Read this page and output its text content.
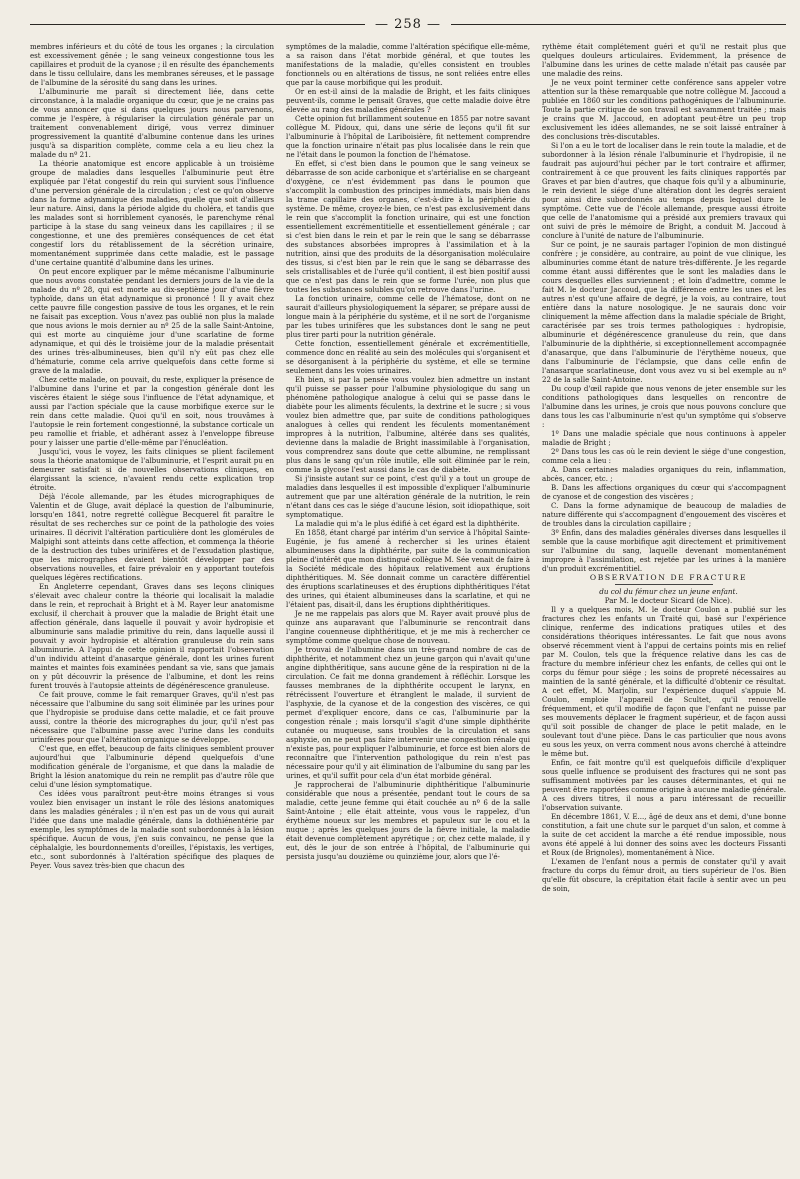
— 258 —

membres inférieurs et du côté de tous les organes ; la circulation est excessivement gênée ; le sang veineux congestionne tous les capillaires et produit de la cyanose ; il en résulte des épanchements dans le tissu cellulaire, dans les membranes séreuses, et le passage de l'albumine de la sérosité du sang dans les urines.

L'albuminurie me paraît si directement liée, dans cette circonstance, à la maladie organique du cœur, que je ne crains pas de vous annoncer que si dans quelques jours nous parvenons, comme je l'espère, à régulariser la circulation générale par un traitement convenablement dirigé, vous verrez diminuer progressivement la quantité d'albumine contenue dans les urines jusqu'à sa disparition complète, comme cela a eu lieu chez la malade du nº 21.

La théorie anatomique est encore applicable à un troisième groupe de maladies dans lesquelles l'albuminurie peut être expliquée par l'état congestif du rein qui survient sous l'influence d'une perversion générale de la circulation ; c'est ce qu'on observe dans la forme adynamique des maladies, quelle que soit d'ailleurs leur nature. Ainsi, dans la période algide du choléra, et tandis que les malades sont si horriblement cyanosés, le parenchyme rénal participe à la stase du sang veineux dans les capillaires ; il se congestionne, et une des premières conséquences de cet état congestif lors du rétablissement de la sécrétion urinaire, momentanément supprimée dans cette maladie, est le passage d'une certaine quantité d'albumine dans les urines.

On peut encore expliquer par le même mécanisme l'albuminurie que nous avons constatée pendant les derniers jours de la vie de la malade du nº 28, qui est morte au dix-septième jour d'une fièvre typhoïde, dans un état adynamique si prononcé ! Il y avait chez cette pauvre fille congestion passive de tous les organes, et le rein ne faisait pas exception. Vous n'avez pas oublié non plus la malade que nous avions le mois dernier au nº 25 de la salle Saint-Antoine, qui est morte au cinquième jour d'une scarlatine de forme adynamique, et qui dès le troisième jour de la maladie présentait des urines très-albumineuses, bien qu'il n'y eût pas chez elle d'hématurie, comme cela arrive quelquefois dans cette forme si grave de la maladie.

Chez cette malade, on pouvait, du reste, expliquer la présence de l'albumine dans l'urine et par la congestion générale dont les viscères étaient le siége sous l'influence de l'état adynamique, et aussi par l'action spéciale que la cause morbifique exerce sur le rein dans cette maladie. Quoi qu'il en soit, nous trouvâmes à l'autopsie le rein fortement congestionné, la substance corticale un peu ramollie et friable, et adhérant assez à l'enveloppe fibreuse pour y laisser une partie d'elle-même par l'énucléation.

Jusqu'ici, vous le voyez, les faits cliniques se plient facilement sous la théorie anatomique de l'albuminurie, et l'esprit aurait pu en demeurer satisfait si de nouvelles observations cliniques, en élargissant la science, n'avaient rendu cette explication trop étroite.

Déjà l'école allemande, par les études micrographiques de Valentin et de Gluge, avait déplacé la question de l'albuminurie, lorsqu'en 1841, notre regretté collègue Becquerel fit paraître le résultat de ses recherches sur ce point de la pathologie des voies urinaires. Il décrivit l'altération particulière dont les glomérules de Malpighi sont atteints dans cette affection, et commença la théorie de la destruction des tubes urinifères et de l'exsudation plastique, que les micrographes devaient bientôt développer par des observations nouvelles, et faire prévaloir en y apportant toutefois quelques légères rectifications.

En Angleterre cependant, Graves dans ses leçons cliniques s'élevait avec chaleur contre la théorie qui localisait la maladie dans le rein, et reprochait à Bright et à M. Rayer leur anatomisme exclusif, il cherchait à prouver que la maladie de Bright était une affection générale, dans laquelle il pouvait y avoir hydropisie et albuminurie sans maladie primitive du rein, dans laquelle aussi il pouvait y avoir hydropisie et altération granuleuse du rein sans albuminurie. A l'appui de cette opinion il rapportait l'observation d'un individu atteint d'anasarque générale, dont les urines furent maintes et maintes fois examinées pendant sa vie, sans que jamais on y pût découvrir la présence de l'albumine, et dont les reins furent trouvés à l'autopsie atteints de dégénérescence granuleuse.

Ce fait prouve, comme le fait remarquer Graves, qu'il n'est pas nécessaire que l'albumine du sang soit éliminée par les urines pour que l'hydropisie se produise dans cette maladie, et ce fait prouve aussi, contre la théorie des micrographes du jour, qu'il n'est pas nécessaire que l'albumine passe avec l'urine dans les conduits urinifères pour que l'altération organique se développe.

C'est que, en effet, beaucoup de faits cliniques semblent prouver aujourd'hui que l'albuminurie dépend quelquefois d'une modification générale de l'organisme, et que dans la maladie de Bright la lésion anatomique du rein ne remplit pas d'autre rôle que celui d'une lésion symptomatique.

Ces idées vous paraîtront peut-être moins étranges si vous voulez bien envisager un instant le rôle des lésions anatomiques dans les maladies générales ; il n'en est pas un de vous qui aurait l'idée que dans une maladie générale, dans la dothiénentérie par exemple, les symptômes de la maladie sont subordonnés à la lésion spécifique. Aucun de vous, j'en suis convaincu, ne pense que la céphalalgie, les bourdonnements d'oreilles, l'épistaxis, les vertiges, etc., sont subordonnés à l'altération spécifique des plaques de Peyer. Vous savez très-bien que chacun des

symptômes de la maladie, comme l'altération spécifique elle-même, a sa raison dans l'état morbide général, et que toutes les manifestations de la maladie, qu'elles consistent en troubles fonctionnels ou en altérations de tissus, ne sont reliées entre elles que par la cause morbifique qui les produit.

Or en est-il ainsi de la maladie de Bright, et les faits cliniques peuvent-ils, comme le pensait Graves, que cette maladie doive être élevée au rang des maladies générales ?

Cette opinion fut brillamment soutenue en 1855 par notre savant collègue M. Pidoux, qui, dans une série de leçons qu'il fit sur l'albuminurie à l'hôpital de Lariboisière, fit nettement comprendre que la fonction urinaire n'était pas plus localisée dans le rein que ne l'était dans le poumon la fonction de l'hématose.

En effet, si c'est bien dans le poumon que le sang veineux se débarrasse de son acide carbonique et s'artérialise en se chargeant d'oxygène, ce n'est évidemment pas dans le poumon que s'accomplit la combustion des principes immédiats, mais bien dans la trame capillaire des organes, c'est-à-dire à la périphérie du système. De même, croyez-le bien, ce n'est pas exclusivement dans le rein que s'accomplit la fonction urinaire, qui est une fonction essentiellement excrémentitielle et essentiellement générale ; car si c'est bien dans le rein et par le rein que le sang se débarrasse des substances absorbées impropres à l'assimilation et à la nutrition, ainsi que des produits de la désorganisation moléculaire des tissus, si c'est bien par le rein que le sang se débarrasse des sels cristallisables et de l'urée qu'il contient, il est bien positif aussi que ce n'est pas dans le rein que se forme l'urée, non plus que toutes les substances solubles qu'on retrouve dans l'urine.

La fonction urinaire, comme celle de l'hématose, dont on ne saurait d'ailleurs physiologiquement la séparer, se prépare aussi de longue main à la périphérie du système, et il ne sort de l'organisme par les tubes urinifères que les substances dont le sang ne peut plus tirer parti pour la nutrition générale.

Cette fonction, essentiellement générale et excrémentitielle, commence donc en réalité au sein des molécules qui s'organisent et se désorganisent à la périphérie du système, et elle se termine seulement dans les voies urinaires.

Eh bien, si par la pensée vous voulez bien admettre un instant qu'il puisse se passer pour l'albumine physiologique du sang un phénomène pathologique analogue à celui qui se passe dans le diabète pour les aliments féculents, la dextrine et le sucre ; si vous voulez bien admettre que, par suite de conditions pathologiques analogues à celles qui rendent les féculents momentanément impropres à la nutrition, l'albumine, altérée dans ses qualités, devienne dans la maladie de Bright inassimilable à l'organisation, vous comprendrez sans doute que cette albumine, ne remplissant plus dans le sang qu'un rôle inutile, elle soit éliminée par le rein, comme la glycose l'est aussi dans le cas de diabète.

Si j'insiste autant sur ce point, c'est qu'il y a tout un groupe de maladies dans lesquelles il est impossible d'expliquer l'albuminurie autrement que par une altération générale de la nutrition, le rein n'étant dans ces cas le siége d'aucune lésion, soit idiopathique, soit symptomatique.

La maladie qui m'a le plus édifié à cet égard est la diphthérite.

En 1858, étant chargé par intérim d'un service à l'hôpital Sainte-Eugénie, je fus amené à rechercher si les urines étaient albumineuses dans la diphthérite, par suite de la communication pleine d'intérêt que mon distingué collègue M. Sée venait de faire à la Société médicale des hôpitaux relativement aux éruptions diphthéritiques. M. Sée donnait comme un caractère différentiel des éruptions scarlatineuses et des éruptions diphthéritiques l'état des urines, qui étaient albumineuses dans la scarlatine, et qui ne l'étaient pas, disait-il, dans les éruptions diphthéritiques.

Je ne me rappelais pas alors que M. Rayer avait prouvé plus de quinze ans auparavant que l'albuminurie se rencontrait dans l'angine couenneuse diphthéritique, et je me mis à rechercher ce symptôme comme quelque chose de nouveau.

Je trouvai de l'albumine dans un très-grand nombre de cas de diphthérite, et notamment chez un jeune garçon qui n'avait qu'une angine diphthéritique, sans aucune gêne de la respiration ni de la circulation. Ce fait me donna grandement à réfléchir. Lorsque les fausses membranes de la diphthérite occupent le larynx, en rétrécissent l'ouverture et étranglent le malade, il survient de l'asphyxie, de la cyanose et de la congestion des viscères, ce qui permet d'expliquer encore, dans ce cas, l'albuminurie par la congestion rénale ; mais lorsqu'il s'agit d'une simple diphthérite cutanée ou muqueuse, sans troubles de la circulation et sans asphyxie, on ne peut pas faire intervenir une congestion rénale qui n'existe pas, pour expliquer l'albuminurie, et force est bien alors de reconnaître que l'intervention pathologique du rein n'est pas nécessaire pour qu'il y ait élimination de l'albumine du sang par les urines, et qu'il suffit pour cela d'un état morbide général.

Je rapprocherai de l'albuminurie diphthéritique l'albuminurie considérable que nous a présentée, pendant tout le cours de sa maladie, cette jeune femme qui était couchée au nº 6 de la salle Saint-Antoine ; elle était atteinte, vous vous le rappelez, d'un érythème noueux sur les membres et papuleux sur le cou et la nuque ; après les quelques jours de la fièvre initiale, la maladie était devenue complètement apyrétique ; or, chez cette malade, il y eut, dès le jour de son entrée à l'hôpital, de l'albuminurie qui persista jusqu'au douzième ou quinzième jour, alors que l'é-

rythème était complétement guéri et qu'il ne restait plus que quelques douleurs articulaires. Evidemment, la présence de l'albumine dans les urines de cette malade n'était pas causée par une maladie des reins.

Je ne veux point terminer cette conférence sans appeler votre attention sur la thèse remarquable que notre collègue M. Jaccoud a publiée en 1860 sur les conditions pathogéniques de l'albuminurie. Toute la partie critique de son travail est savamment traitée ; mais je crains que M. Jaccoud, en adoptant peut-être un peu trop exclusivement les idées allemandes, ne se soit laissé entraîner à des conclusions très-discutables.

Si l'on a eu le tort de localiser dans le rein toute la maladie, et de subordonner à la lésion rénale l'albuminurie et l'hydropisie, il ne faudrait pas aujourd'hui pécher par le tort contraire et affirmer, contrairement à ce que prouvent les faits cliniques rapportés par Graves et par bien d'autres, que chaque fois qu'il y a albuminurie, le rein devient le siége d'une altération dont les degrés seraient pour ainsi dire subordonnés au temps depuis lequel dure le symptôme. Cette vue de l'école allemande, presque aussi étroite que celle de l'anatomisme qui a présidé aux premiers travaux qui ont suivi de près le mémoire de Bright, a conduit M. Jaccoud à conclure à l'unité de nature de l'albuminurie.

Sur ce point, je ne saurais partager l'opinion de mon distingué confrère ; je considère, au contraire, au point de vue clinique, les albuminuries comme étant de nature très-différente. Je les regarde comme étant aussi différentes que le sont les maladies dans le cours desquelles elles surviennent ; et loin d'admettre, comme le fait M. le docteur Jaccoud, que la différence entre les unes et les autres n'est qu'une affaire de degré, je la vois, au contraire, tout entière dans la nature nosologique. Je ne saurais donc voir cliniquement la même affection dans la maladie spéciale de Bright, caractérisée par ses trois termes pathologiques : hydropisie, albuminurie et dégénérescence granuleuse du rein, que dans l'albuminurie de la diphthérie, si exceptionnellement accompagnée d'anasarque, que dans l'albuminurie de l'érythème noueux, que dans l'albuminurie de l'éclampsie, que dans celle enfin de l'anasarque scarlatineuse, dont vous avez vu si bel exemple au nº 22 de la salle Saint-Antoine.

Du coup d'œil rapide que nous venons de jeter ensemble sur les conditions pathologiques dans lesquelles on rencontre de l'albumine dans les urines, je crois que nous pouvons conclure que dans tous les cas l'albuminurie n'est qu'un symptôme qui s'observe :

1º Dans une maladie spéciale que nous continuons à appeler maladie de Bright ;

2º Dans tous les cas où le rein devient le siége d'une congestion, comme cela a lieu :

A. Dans certaines maladies organiques du rein, inflammation, abcès, cancer, etc. ;

B. Dans les affections organiques du cœur qui s'accompagnent de cyanose et de congestion des viscères ;

C. Dans la forme adynamique de beaucoup de maladies de nature différente qui s'accompagnent d'engouement des viscères et de troubles dans la circulation capillaire ;

3º Enfin, dans des maladies générales diverses dans lesquelles il semble que la cause morbifique agit directement et primitivement sur l'albumine du sang, laquelle devenant momentanément impropre à l'assimilation, est rejetée par les urines à la manière d'un produit excrémentitiel.

OBSERVATION DE FRACTURE

du col du fémur chez un jeune enfant.

Par M. le docteur Sicard (de Nice).

Il y a quelques mois, M. le docteur Coulon a publié sur les fractures chez les enfants un Traité qui, basé sur l'expérience clinique, renferme des indications pratiques utiles et des considérations théoriques intéressantes. Le fait que nous avons observé récemment vient à l'appui de certains points mis en relief par M. Coulon, tels que la fréquence relative dans les cas de fracture du membre inférieur chez les enfants, de celles qui ont le corps du fémur pour siége ; les soins de propreté nécessaires au maintien de la santé générale, et la difficulté d'obtenir ce résultat. A cet effet, M. Marjolin, sur l'expérience duquel s'appuie M. Coulon, emploie l'appareil de Scultet, qu'il renouvelle fréquemment, et qu'il modifie de façon que l'enfant ne puisse par ses mouvements déplacer le fragment supérieur, et de façon aussi qu'il soit possible de changer de place le petit malade, en le soulevant tout d'une pièce. Dans le cas particulier que nous avons eu sous les yeux, on verra comment nous avons cherché à atteindre le même but.

Enfin, ce fait montre qu'il est quelquefois difficile d'expliquer sous quelle influence se produisent des fractures qui ne sont pas suffisamment motivées par les causes déterminantes, et qui ne peuvent être rapportées comme origine à aucune maladie générale. A ces divers titres, il nous a paru intéressant de recueillir l'observation suivante.

En décembre 1861, V. E..., âgé de deux ans et demi, d'une bonne constitution, a fait une chute sur le parquet d'un salon, et comme à la suite de cet accident la marche a été rendue impossible, nous avons été appelé à lui donner des soins avec les docteurs Fissanti et Roux (de Brignoles), momentanément à Nice.

L'examen de l'enfant nous a permis de constater qu'il y avait fracture du corps du fémur droit, au tiers supérieur de l'os. Bien qu'elle fût obscure, la crépitation était facile à sentir avec un peu de soin,
